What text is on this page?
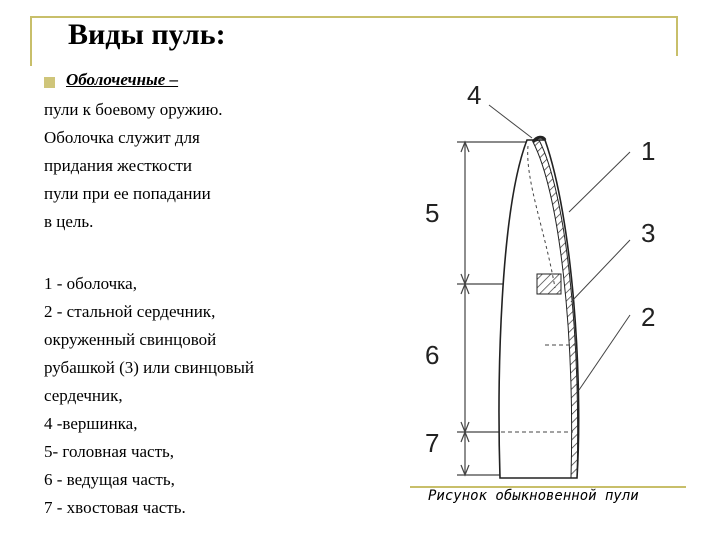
Виды пуль:
Оболочечные –
пули к боевому оружию.
Оболочка служит для
придания жесткости
пули при ее попадании
в цель.
1 - оболочка,
2 - стальной сердечник,
окруженный свинцовой
рубашкой (3) или свинцовый
сердечник,
4 -вершинка,
5- головная часть,
6 - ведущая часть,
7 - хвостовая часть.
4
1
3
2
5
6
7
Рисунок обыкновенной пули
